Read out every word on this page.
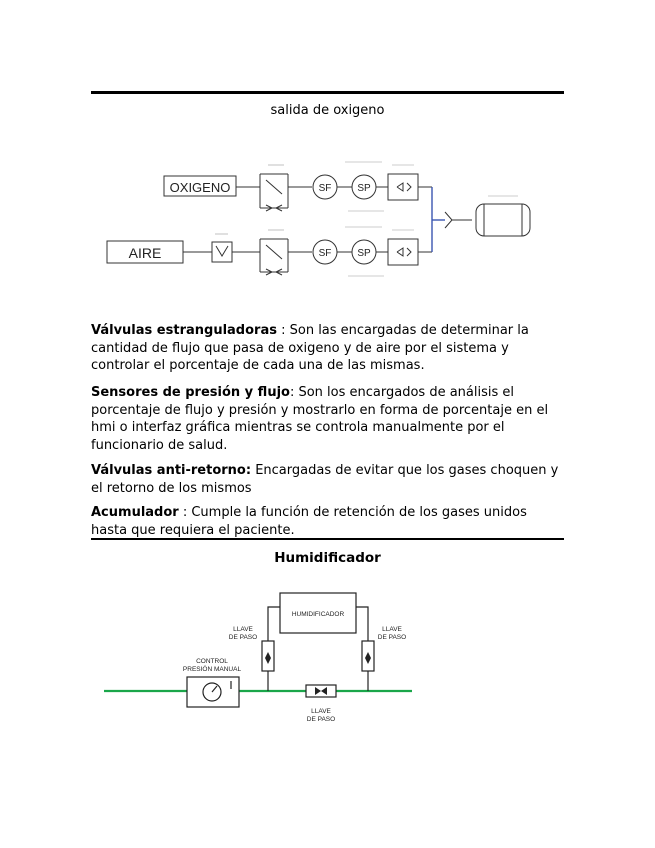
salida de oxigeno
OXIGENO
AIRE
SF	SP
SF	SP
Válvulas estranguladoras : Son las encargadas de determinar la cantidad de flujo que pasa de oxigeno y de aire por el sistema y controlar el porcentaje de cada una de las mismas.
Sensores de presión y flujo: Son los encargados de análisis el porcentaje de flujo y presión y mostrarlo en forma de porcentaje en el hmi o interfaz gráfica mientras se controla manualmente por el funcionario de salud.
Válvulas anti-retorno: Encargadas de evitar que los gases choquen y el retorno de los mismos
Acumulador : Cumple la función de retención de los gases unidos hasta que requiera el paciente.
Humidificador
HUMIDIFICADOR
LLAVE
DE PASO
LLAVE
DE PASO
CONTROL
PRESIÓN MANUAL
LLAVE
DE PASO
